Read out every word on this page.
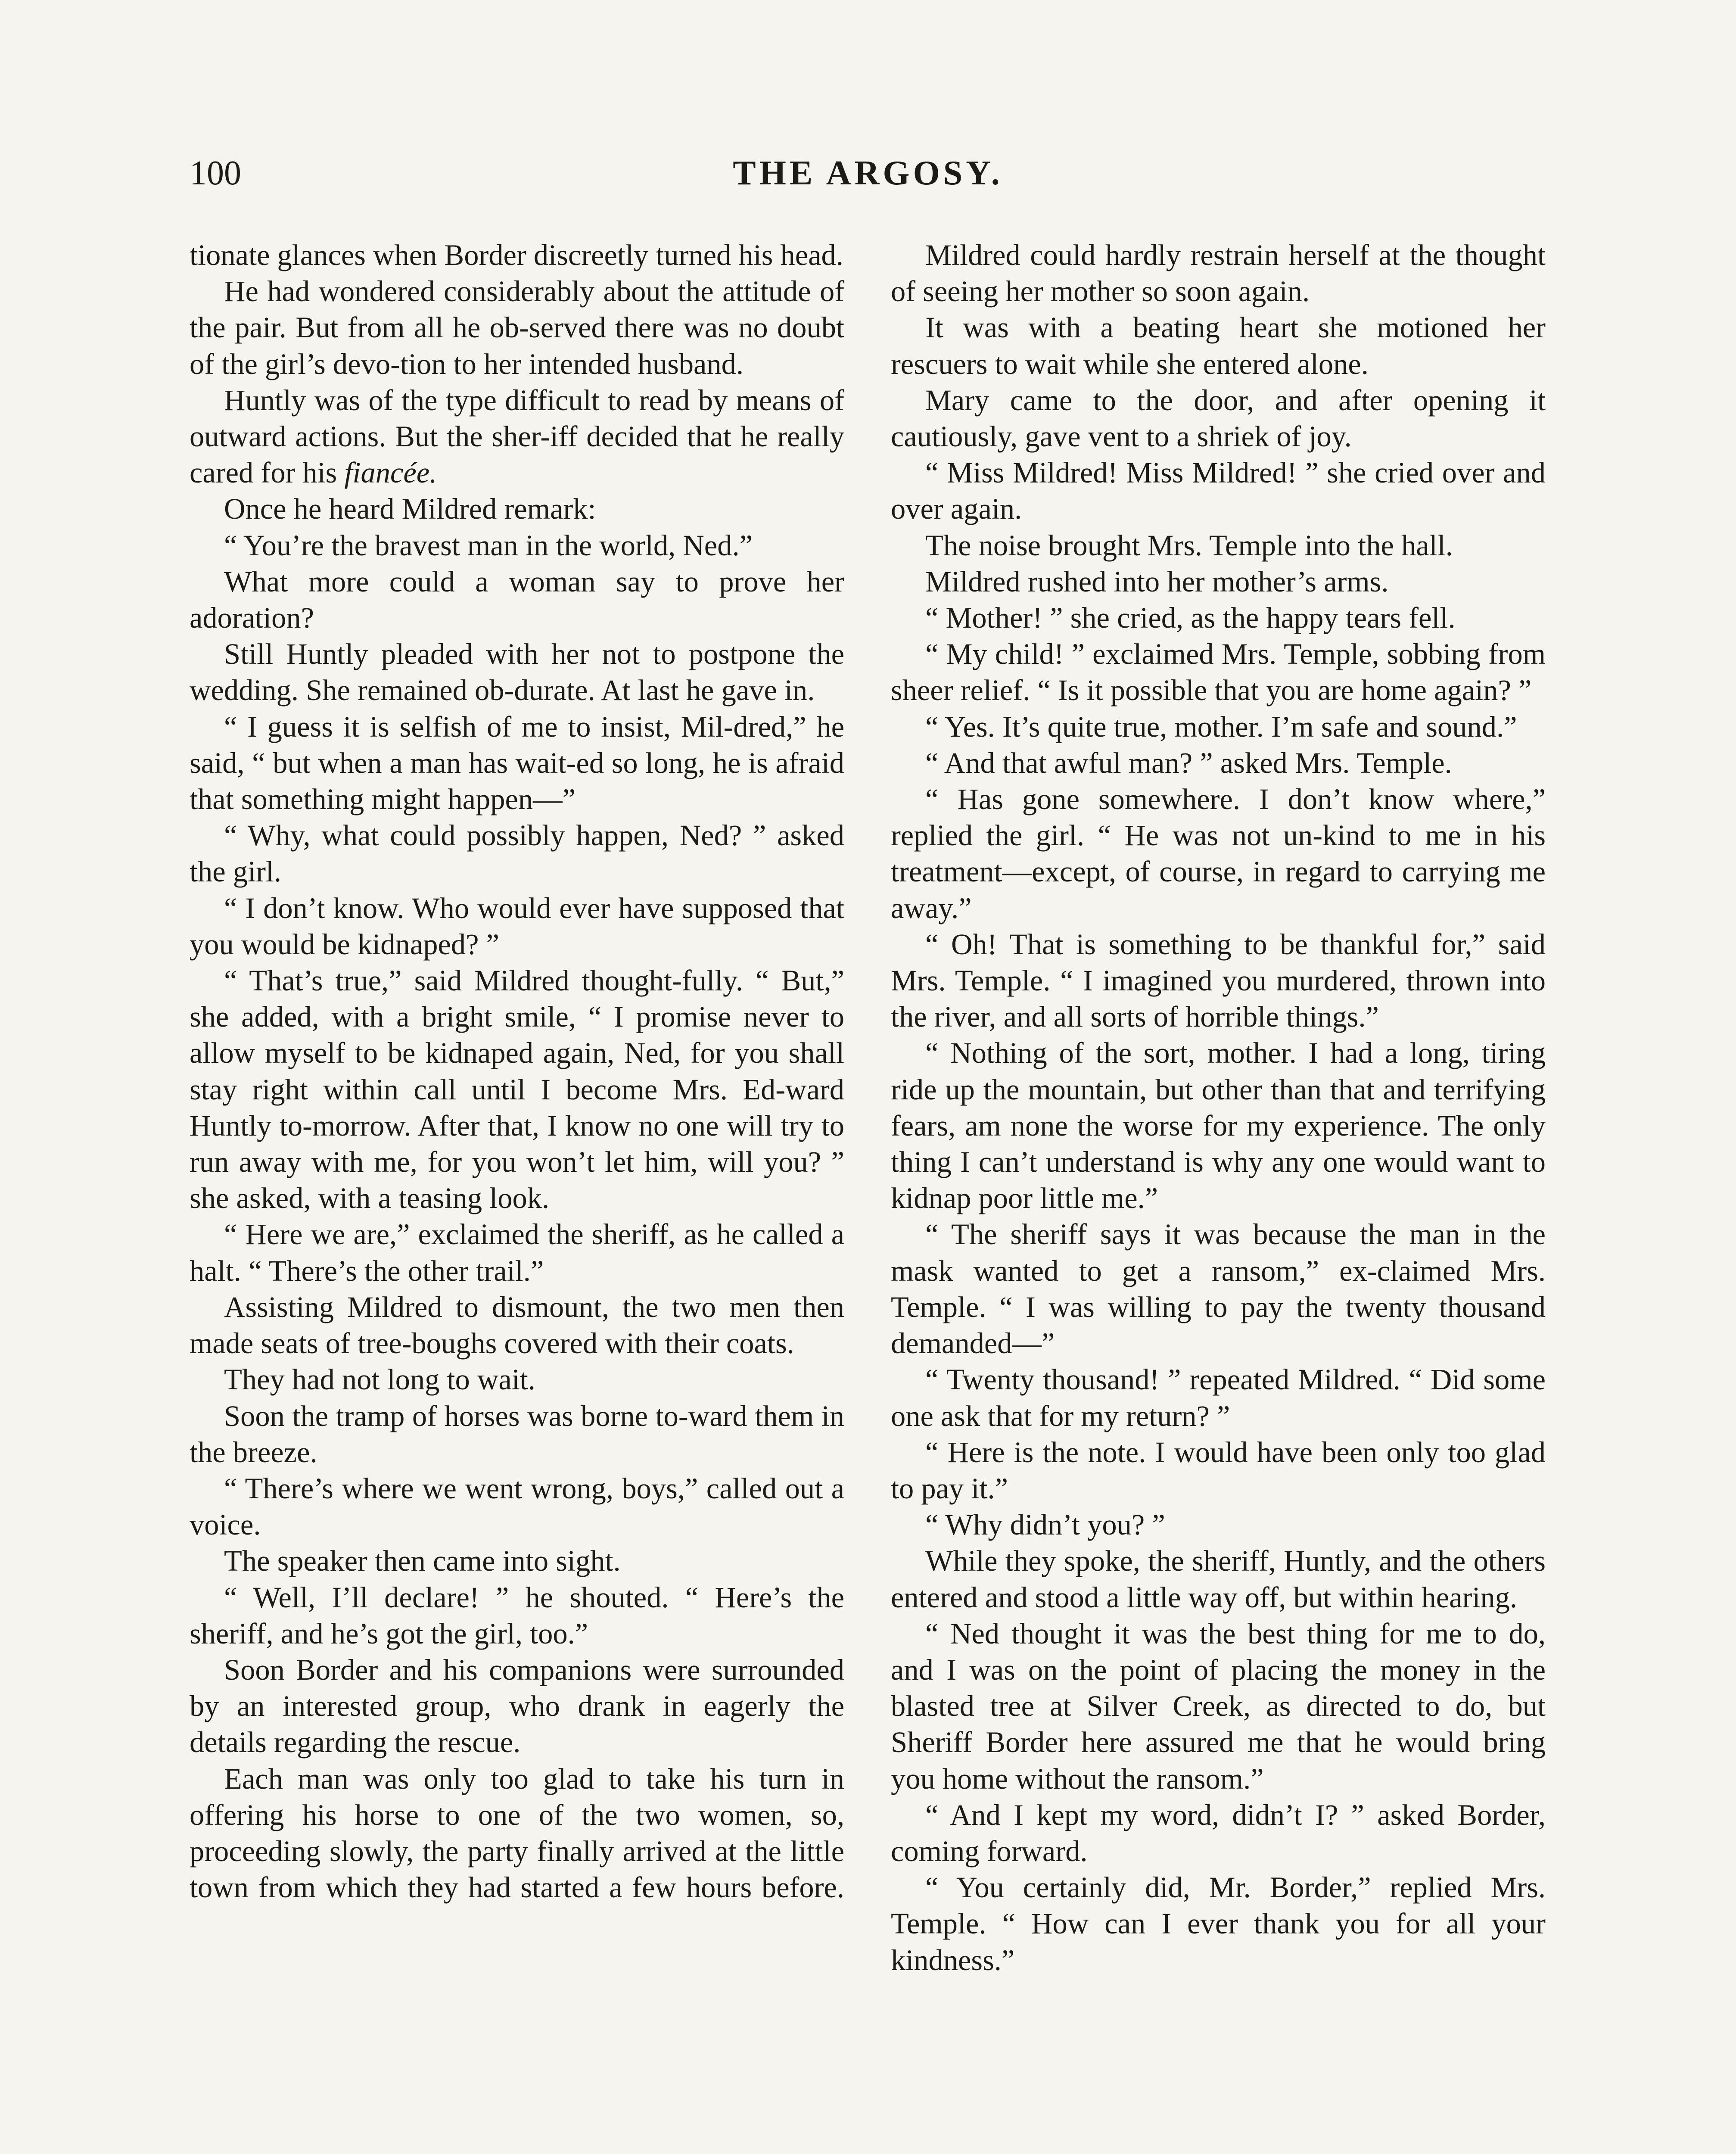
100	THE ARGOSY.

tionate glances when Border discreetly turned his head.

He had wondered considerably about the attitude of the pair. But from all he ob-served there was no doubt of the girl’s devo-tion to her intended husband.

Huntly was of the type difficult to read by means of outward actions. But the sher-iff decided that he really cared for his fiancée.

Once he heard Mildred remark:

“ You’re the bravest man in the world, Ned.”

What more could a woman say to prove her adoration?

Still Huntly pleaded with her not to postpone the wedding. She remained ob-durate. At last he gave in.

“ I guess it is selfish of me to insist, Mil-dred,” he said, “ but when a man has wait-ed so long, he is afraid that something might happen—”

“ Why, what could possibly happen, Ned? ” asked the girl.

“ I don’t know. Who would ever have supposed that you would be kidnaped? ”

“ That’s true,” said Mildred thought-fully. “ But,” she added, with a bright smile, “ I promise never to allow myself to be kidnaped again, Ned, for you shall stay right within call until I become Mrs. Ed-ward Huntly to-morrow. After that, I know no one will try to run away with me, for you won’t let him, will you? ” she asked, with a teasing look.

“ Here we are,” exclaimed the sheriff, as he called a halt. “ There’s the other trail.”

Assisting Mildred to dismount, the two men then made seats of tree-boughs covered with their coats.

They had not long to wait.

Soon the tramp of horses was borne to-ward them in the breeze.

“ There’s where we went wrong, boys,” called out a voice.

The speaker then came into sight.

“ Well, I’ll declare! ” he shouted. “ Here’s the sheriff, and he’s got the girl, too.”

Soon Border and his companions were surrounded by an interested group, who drank in eagerly the details regarding the rescue.

Each man was only too glad to take his turn in offering his horse to one of the two women, so, proceeding slowly, the party finally arrived at the little town from which they had started a few hours before.

Mildred could hardly restrain herself at the thought of seeing her mother so soon again.

It was with a beating heart she motioned her rescuers to wait while she entered alone.

Mary came to the door, and after opening it cautiously, gave vent to a shriek of joy.

“ Miss Mildred! Miss Mildred! ” she cried over and over again.

The noise brought Mrs. Temple into the hall.

Mildred rushed into her mother’s arms.

“ Mother! ” she cried, as the happy tears fell.

“ My child! ” exclaimed Mrs. Temple, sobbing from sheer relief. “ Is it possible that you are home again? ”

“ Yes. It’s quite true, mother. I’m safe and sound.”

“ And that awful man? ” asked Mrs. Temple.

“ Has gone somewhere. I don’t know where,” replied the girl. “ He was not un-kind to me in his treatment—except, of course, in regard to carrying me away.”

“ Oh! That is something to be thankful for,” said Mrs. Temple. “ I imagined you murdered, thrown into the river, and all sorts of horrible things.”

“ Nothing of the sort, mother. I had a long, tiring ride up the mountain, but other than that and terrifying fears, am none the worse for my experience. The only thing I can’t understand is why any one would want to kidnap poor little me.”

“ The sheriff says it was because the man in the mask wanted to get a ransom,” ex-claimed Mrs. Temple. “ I was willing to pay the twenty thousand demanded—”

“ Twenty thousand! ” repeated Mildred. “ Did some one ask that for my return? ”

“ Here is the note. I would have been only too glad to pay it.”

“ Why didn’t you? ”

While they spoke, the sheriff, Huntly, and the others entered and stood a little way off, but within hearing.

“ Ned thought it was the best thing for me to do, and I was on the point of placing the money in the blasted tree at Silver Creek, as directed to do, but Sheriff Border here assured me that he would bring you home without the ransom.”

“ And I kept my word, didn’t I? ” asked Border, coming forward.

“ You certainly did, Mr. Border,” replied Mrs. Temple. “ How can I ever thank you for all your kindness.”
